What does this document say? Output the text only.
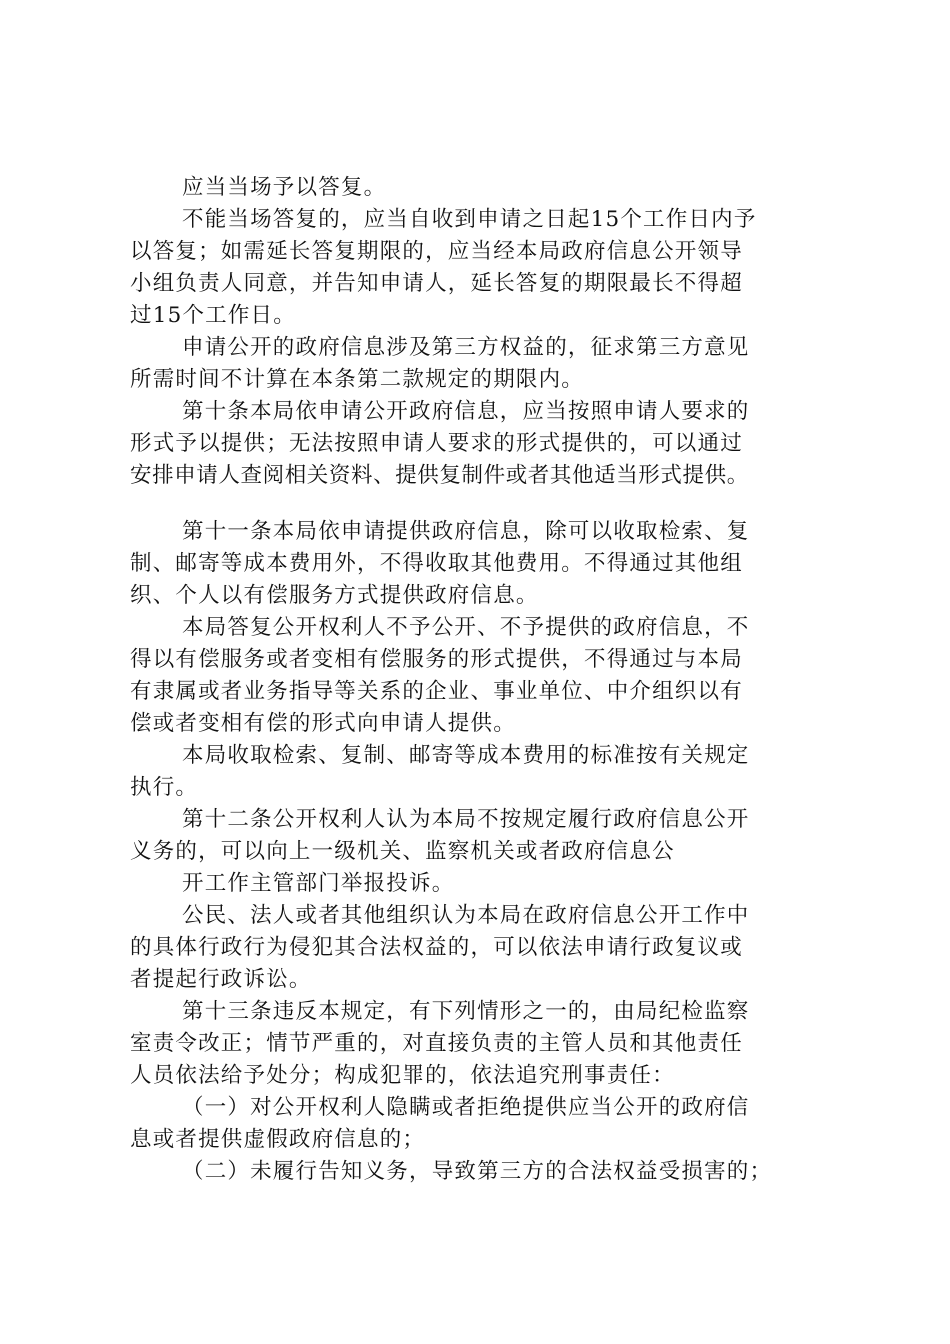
应当当场予以答复。
不能当场答复的，应当自收到申请之日起15个工作日内予
以答复；如需延长答复期限的，应当经本局政府信息公开领导
小组负责人同意，并告知申请人，延长答复的期限最长不得超
过15个工作日。
申请公开的政府信息涉及第三方权益的，征求第三方意见
所需时间不计算在本条第二款规定的期限内。
第十条本局依申请公开政府信息，应当按照申请人要求的
形式予以提供；无法按照申请人要求的形式提供的，可以通过
安排申请人查阅相关资料、提供复制件或者其他适当形式提供。
第十一条本局依申请提供政府信息，除可以收取检索、复
制、邮寄等成本费用外，不得收取其他费用。不得通过其他组
织、个人以有偿服务方式提供政府信息。
本局答复公开权利人不予公开、不予提供的政府信息，不
得以有偿服务或者变相有偿服务的形式提供，不得通过与本局
有隶属或者业务指导等关系的企业、事业单位、中介组织以有
偿或者变相有偿的形式向申请人提供。
本局收取检索、复制、邮寄等成本费用的标准按有关规定
执行。
第十二条公开权利人认为本局不按规定履行政府信息公开
义务的，可以向上一级机关、监察机关或者政府信息公
开工作主管部门举报投诉。
公民、法人或者其他组织认为本局在政府信息公开工作中
的具体行政行为侵犯其合法权益的，可以依法申请行政复议或
者提起行政诉讼。
第十三条违反本规定，有下列情形之一的，由局纪检监察
室责令改正；情节严重的，对直接负责的主管人员和其他责任
人员依法给予处分；构成犯罪的，依法追究刑事责任：
（一）对公开权利人隐瞒或者拒绝提供应当公开的政府信
息或者提供虚假政府信息的；
（二）未履行告知义务，导致第三方的合法权益受损害的；
